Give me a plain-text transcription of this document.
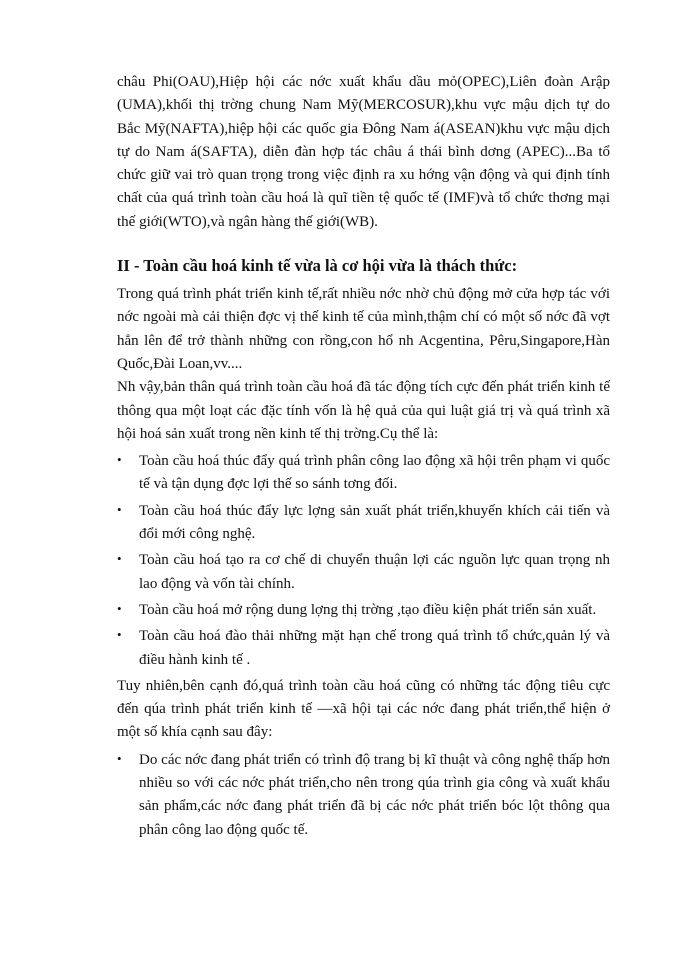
châu Phi(OAU),Hiệp hội các nớc xuất khẩu dầu mỏ(OPEC),Liên đoàn Arập (UMA),khối thị trờng chung Nam Mỹ(MERCOSUR),khu vực mậu dịch tự do Bắc Mỹ(NAFTA),hiệp hội các quốc gia Đông Nam á(ASEAN)khu vực mậu dịch tự do Nam á(SAFTA), diễn đàn hợp tác châu á thái bình dơng (APEC)...Ba tổ chức giữ vai trò quan trọng trong việc định ra xu hớng vận động và qui định tính chất của quá trình toàn cầu hoá là quĩ tiền tệ quốc tế (IMF)và tổ chức thơng mại thế giới(WTO),và ngân hàng thế giới(WB).

II - Toàn cầu hoá kinh tế vừa là cơ hội vừa là thách thức:

Trong quá trình phát triển kinh tế,rất nhiều nớc nhờ chủ động mở cửa hợp tác với nớc ngoài mà cải thiện đợc vị thế kinh tế của mình,thậm chí có một số nớc đã vợt hẳn lên để trở thành những con rồng,con hổ nh Acgentina, Pêru,Singapore,Hàn Quốc,Đài Loan,vv....

Nh vậy,bản thân quá trình toàn cầu hoá đã tác động tích cực đến phát triển kinh tế thông qua một loạt các đặc tính vốn là hệ quả của qui luật giá trị và quá trình xã hội hoá sản xuất trong nền kinh tế thị trờng.Cụ thể là:

• Toàn cầu hoá thúc đẩy quá trình phân công lao động xã hội trên phạm vi quốc tế và tận dụng đợc lợi thế so sánh tơng đối.
• Toàn cầu hoá thúc đẩy lực lợng sản xuất phát triển,khuyến khích cải tiến và đổi mới công nghệ.
• Toàn cầu hoá tạo ra cơ chế di chuyển thuận lợi các nguồn lực quan trọng nh lao động và vốn tài chính.
• Toàn cầu hoá mở rộng dung lợng thị trờng ,tạo điều kiện phát triển sản xuất.
• Toàn cầu hoá đào thải những mặt hạn chế trong quá trình tổ chức,quản lý và điều hành kinh tế .

Tuy nhiên,bên cạnh đó,quá trình toàn cầu hoá cũng có những tác động tiêu cực đến qúa trình phát triển kinh tế —xã hội tại các nớc đang phát triển,thể hiện ở một số khía cạnh sau đây:

• Do các nớc đang phát triển có trình độ trang bị kĩ thuật và công nghệ thấp hơn nhiều so với các nớc phát triển,cho nên trong qúa trình gia công và xuất khẩu sản phẩm,các nớc đang phát triển đã bị các nớc phát triển bóc lột thông qua phân công lao động quốc tế.
